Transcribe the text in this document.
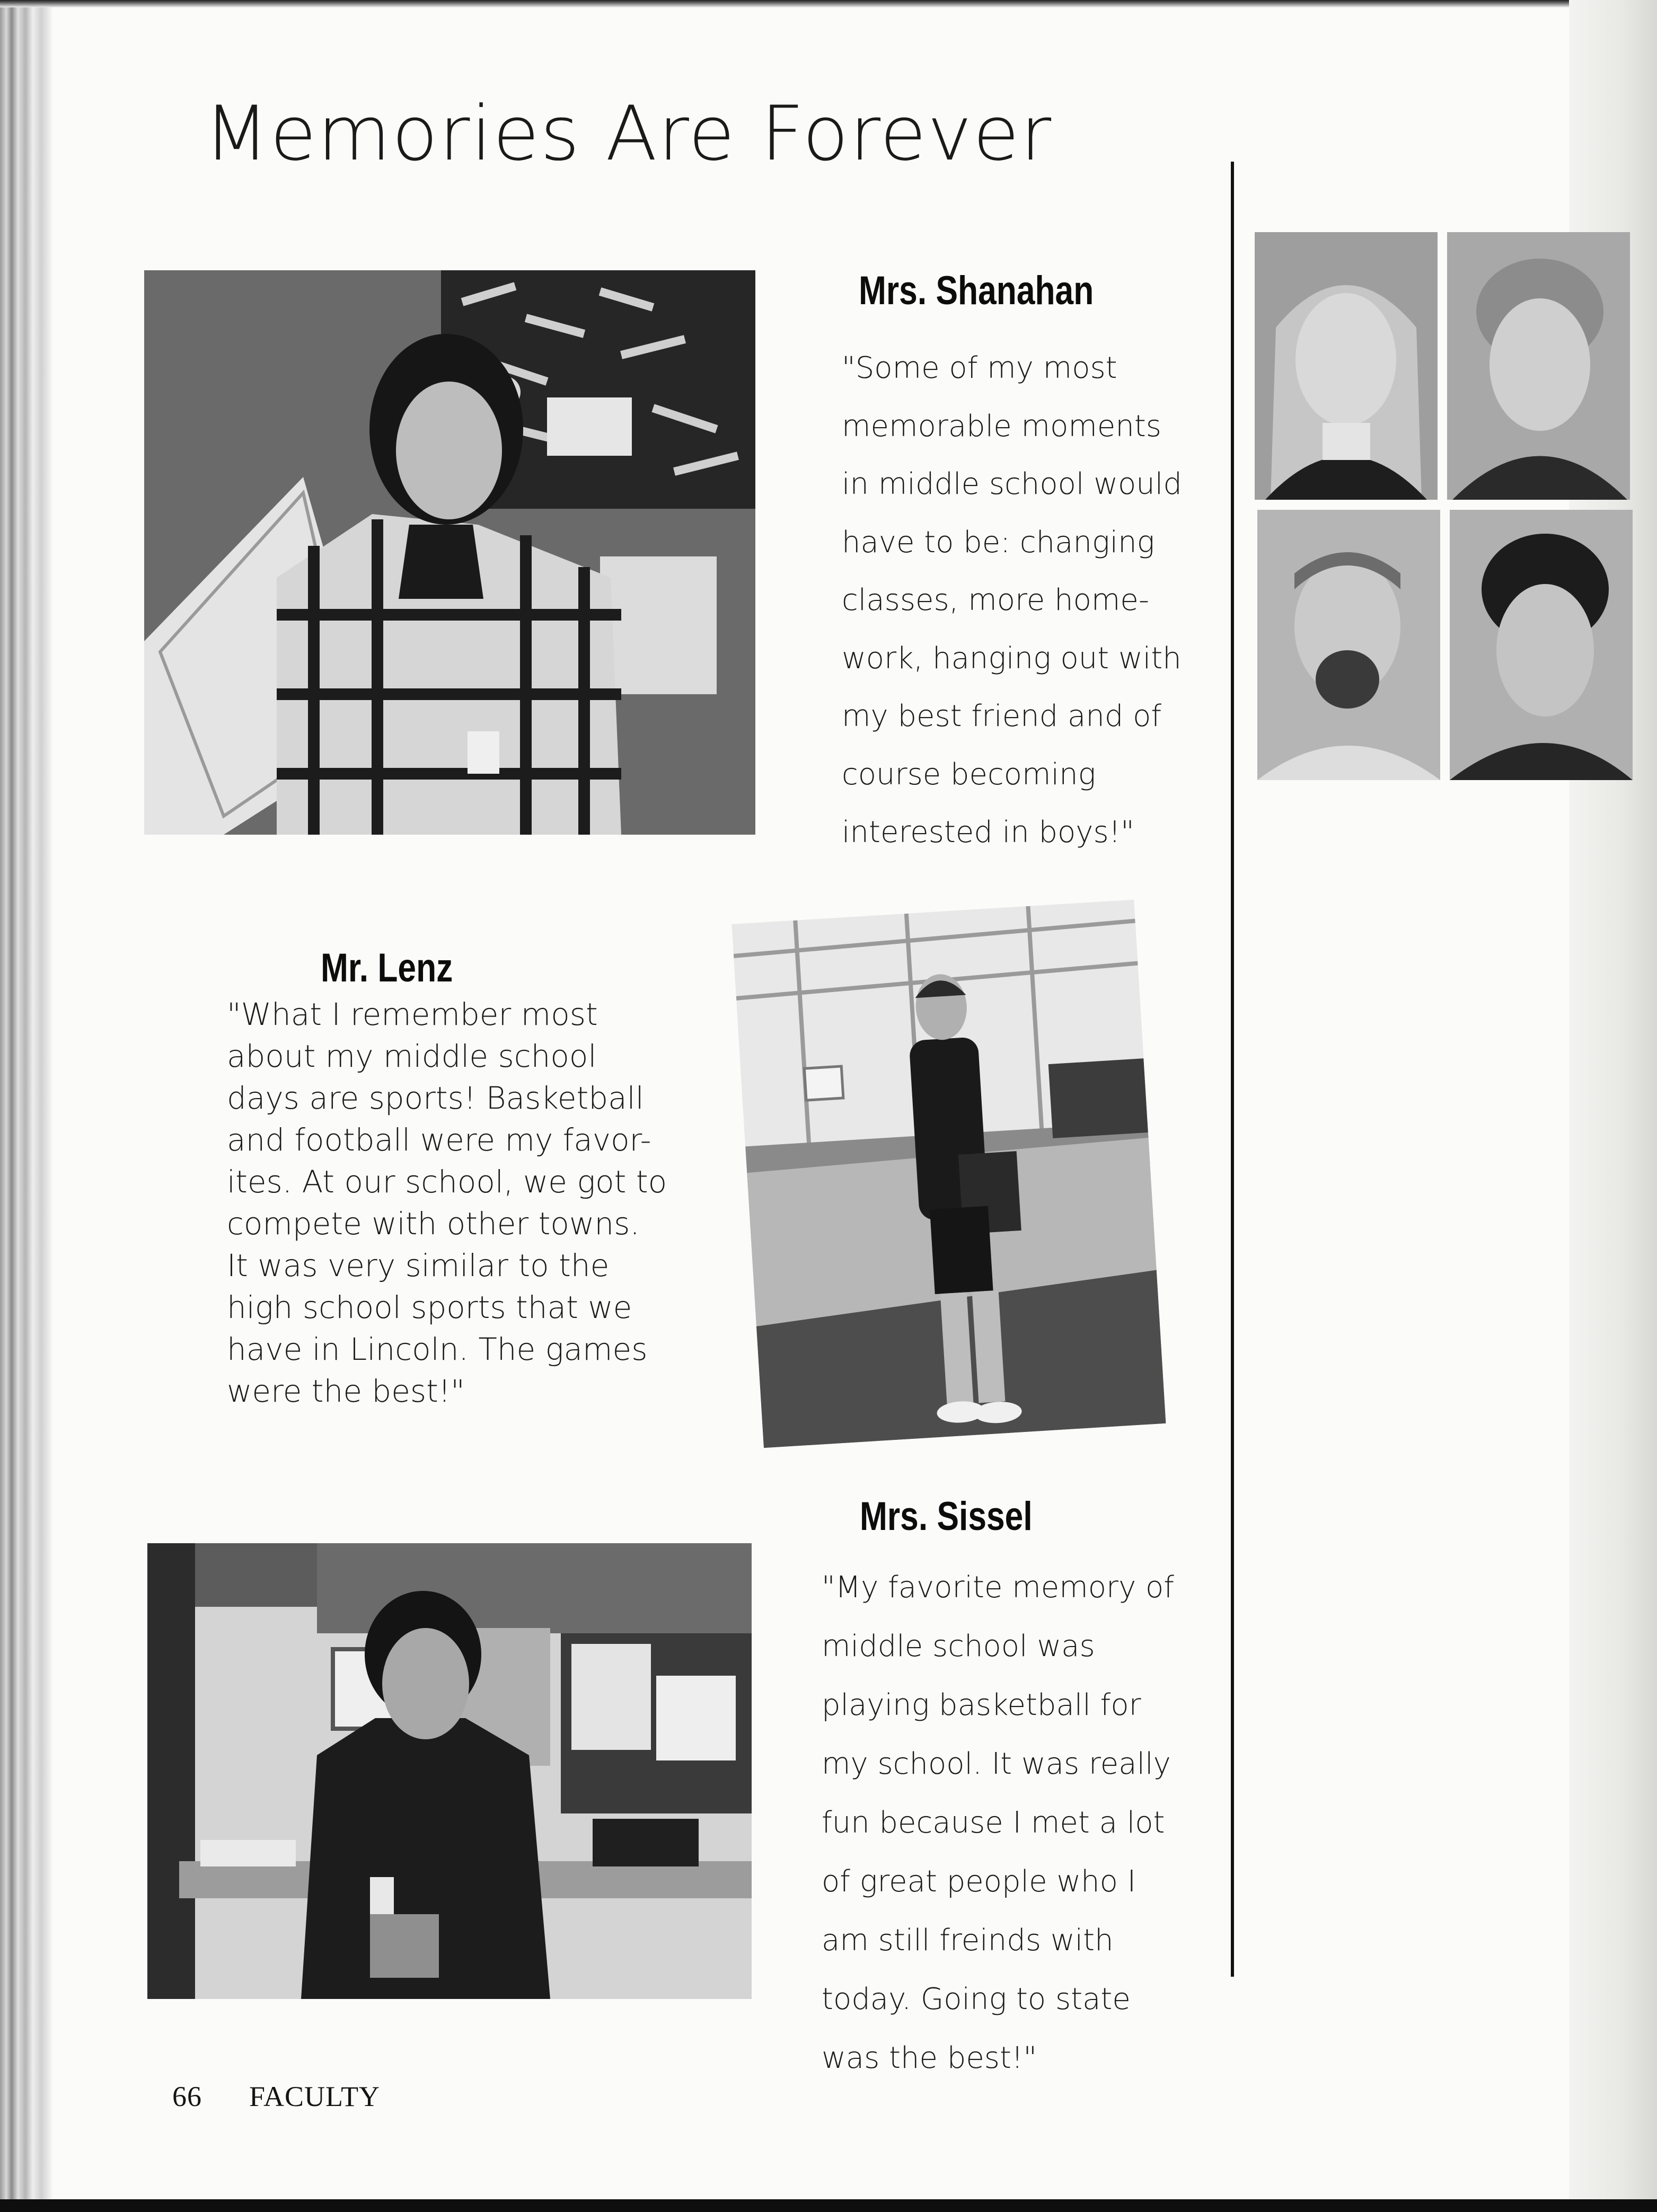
Memories Are Forever
Mrs. Shanahan
"Some of my most
memorable moments
in middle school would
have to be: changing
classes, more home-
work, hanging out with
my best friend and of
course becoming
interested in boys!"
Mr. Lenz
"What I remember most
about my middle school
days are sports! Basketball
and football were my favor-
ites. At our school, we got to
compete with other towns.
It was very similar to the
high school sports that we
have in Lincoln. The games
were the best!"
Mrs. Sissel
"My favorite memory of
middle school was
playing basketball for
my school. It was really
fun because I met a lot
of great people who I
am still freinds with
today. Going to state
was the best!"
66 FACULTY
